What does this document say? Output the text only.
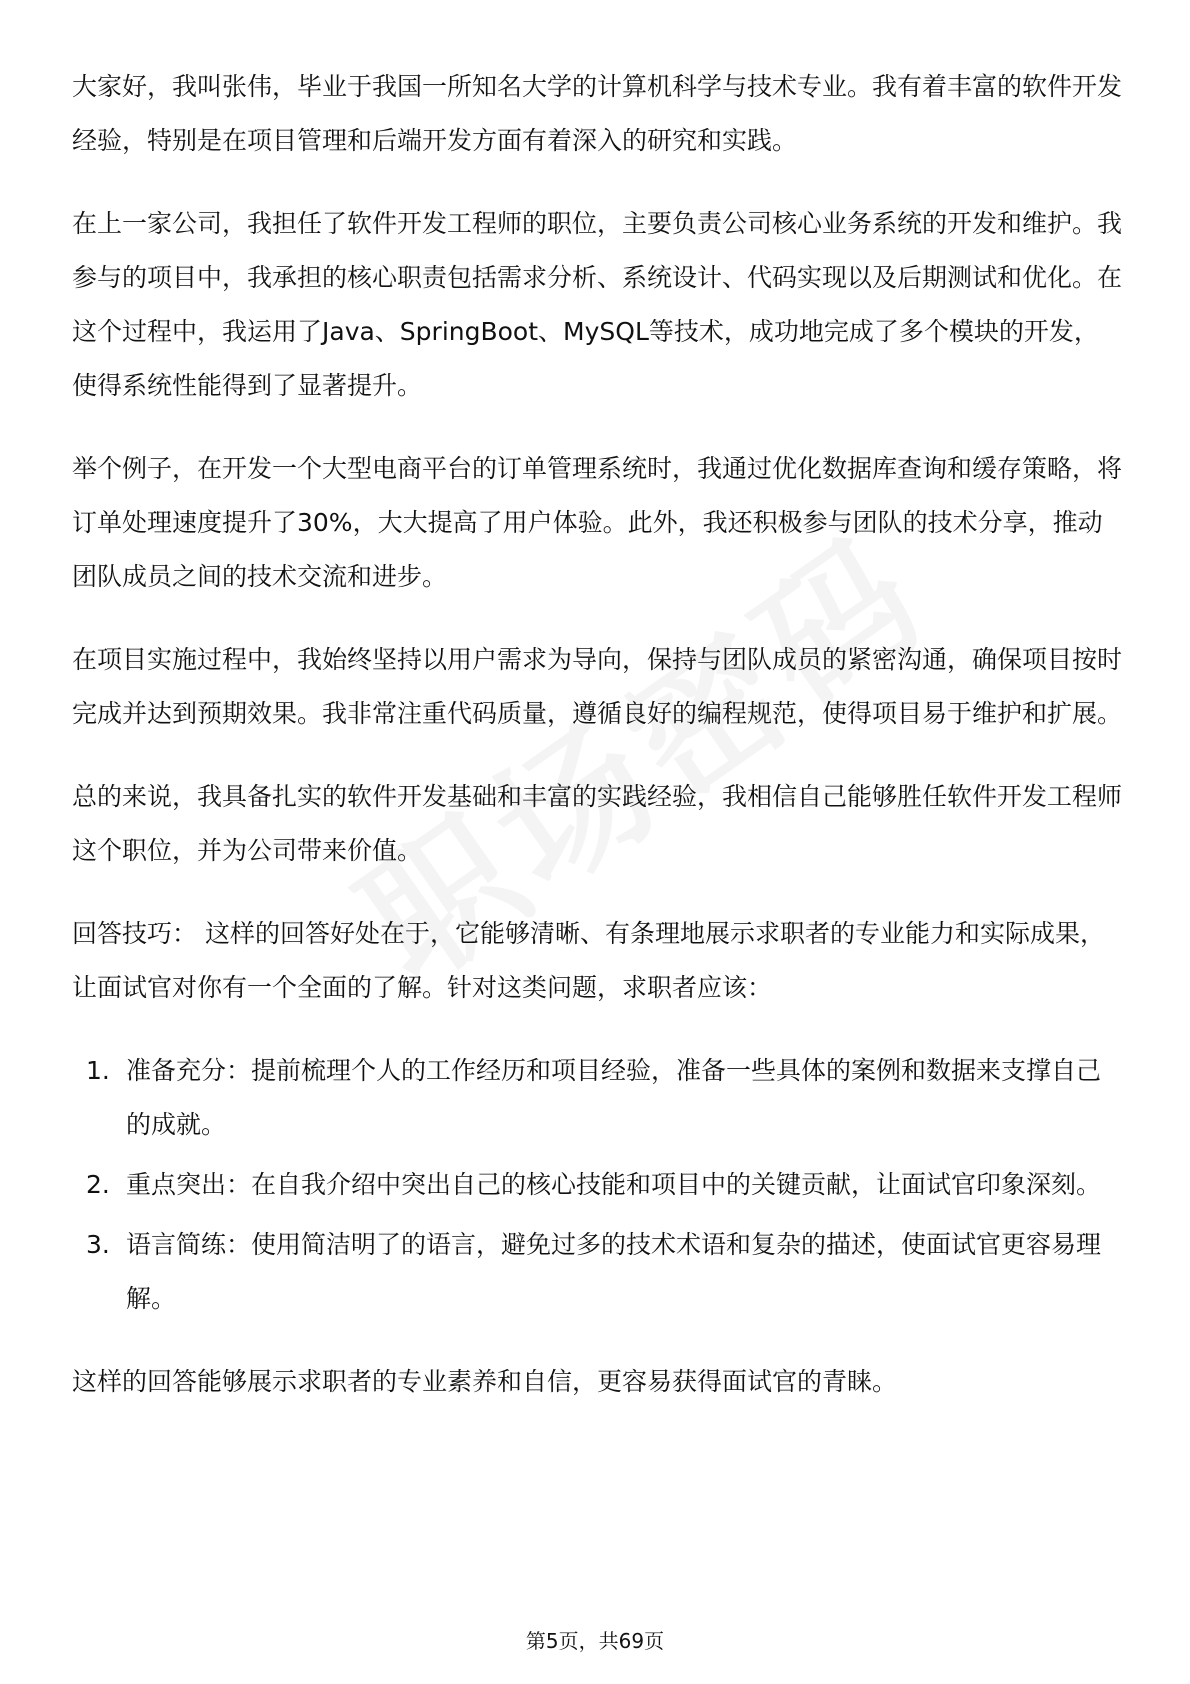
大家好，我叫张伟，毕业于我国一所知名大学的计算机科学与技术专业。我有着丰富的软件开发经验，特别是在项目管理和后端开发方面有着深入的研究和实践。

在上一家公司，我担任了软件开发工程师的职位，主要负责公司核心业务系统的开发和维护。我参与的项目中，我承担的核心职责包括需求分析、系统设计、代码实现以及后期测试和优化。在这个过程中，我运用了Java、SpringBoot、MySQL等技术，成功地完成了多个模块的开发，使得系统性能得到了显著提升。

举个例子，在开发一个大型电商平台的订单管理系统时，我通过优化数据库查询和缓存策略，将订单处理速度提升了30%，大大提高了用户体验。此外，我还积极参与团队的技术分享，推动团队成员之间的技术交流和进步。

在项目实施过程中，我始终坚持以用户需求为导向，保持与团队成员的紧密沟通，确保项目按时完成并达到预期效果。我非常注重代码质量，遵循良好的编程规范，使得项目易于维护和扩展。

总的来说，我具备扎实的软件开发基础和丰富的实践经验，我相信自己能够胜任软件开发工程师这个职位，并为公司带来价值。

回答技巧： 这样的回答好处在于，它能够清晰、有条理地展示求职者的专业能力和实际成果，让面试官对你有一个全面的了解。针对这类问题，求职者应该：

1. 准备充分：提前梳理个人的工作经历和项目经验，准备一些具体的案例和数据来支撑自己的成就。
2. 重点突出：在自我介绍中突出自己的核心技能和项目中的关键贡献，让面试官印象深刻。
3. 语言简练：使用简洁明了的语言，避免过多的技术术语和复杂的描述，使面试官更容易理解。

这样的回答能够展示求职者的专业素养和自信，更容易获得面试官的青睐。

第5页，共69页
